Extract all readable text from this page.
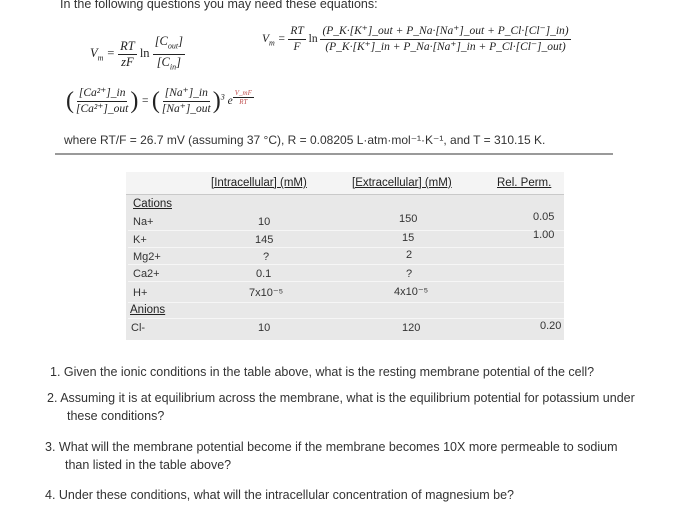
In the following questions you may need these equations:
$V_m = \frac{RT}{zF}$ $\ln \frac{[C_{out}]}{[C_{in}]}$	$V_m = \frac{RT}{F}$ $\ln \frac{\text{(P\_K·[K⁺]\_out + P\_Na·[Na⁺]\_out + P\_Cl·[Cl⁻]\_in)}}{\text{(P\_K·[K⁺]\_in + P\_Na·[Na⁺]\_in + P\_Cl·[Cl⁻]\_out)}}$
( $\frac{\text{[Ca²⁺]\_in}}{\text{[Ca²⁺]\_out}}$ ) = ( $\frac{[Na^+]\_in}{\text{[Na⁺]\_out}} )^3$ e $^{\frac{V\_mF}{RT}}$
where RT/F = 26.7 mV (assuming 37 °C), R = 0.08205 L·atm·mol⁻¹·K⁻¹, and T = 310.15 K.
[Intracellular] (mM)	[Extracellular] (mM)	Rel. Perm.
Cations
Na+	10	150	0.05
K+	145	15	1.00
Mg2+	?	2
Ca2+	0.1	?
H+	7x10⁻⁵	4x10⁻⁵
Anions
Cl-	10	120	0.20
1. Given the ionic conditions in the table above, what is the resting membrane potential of the cell?
2. Assuming it is at equilibrium across the membrane, what is the equilibrium potential for potassium under these conditions?
3. What will the membrane potential become if the membrane becomes 10X more permeable to sodium than listed in the table above?
4. Under these conditions, what will the intracellular concentration of magnesium be?
